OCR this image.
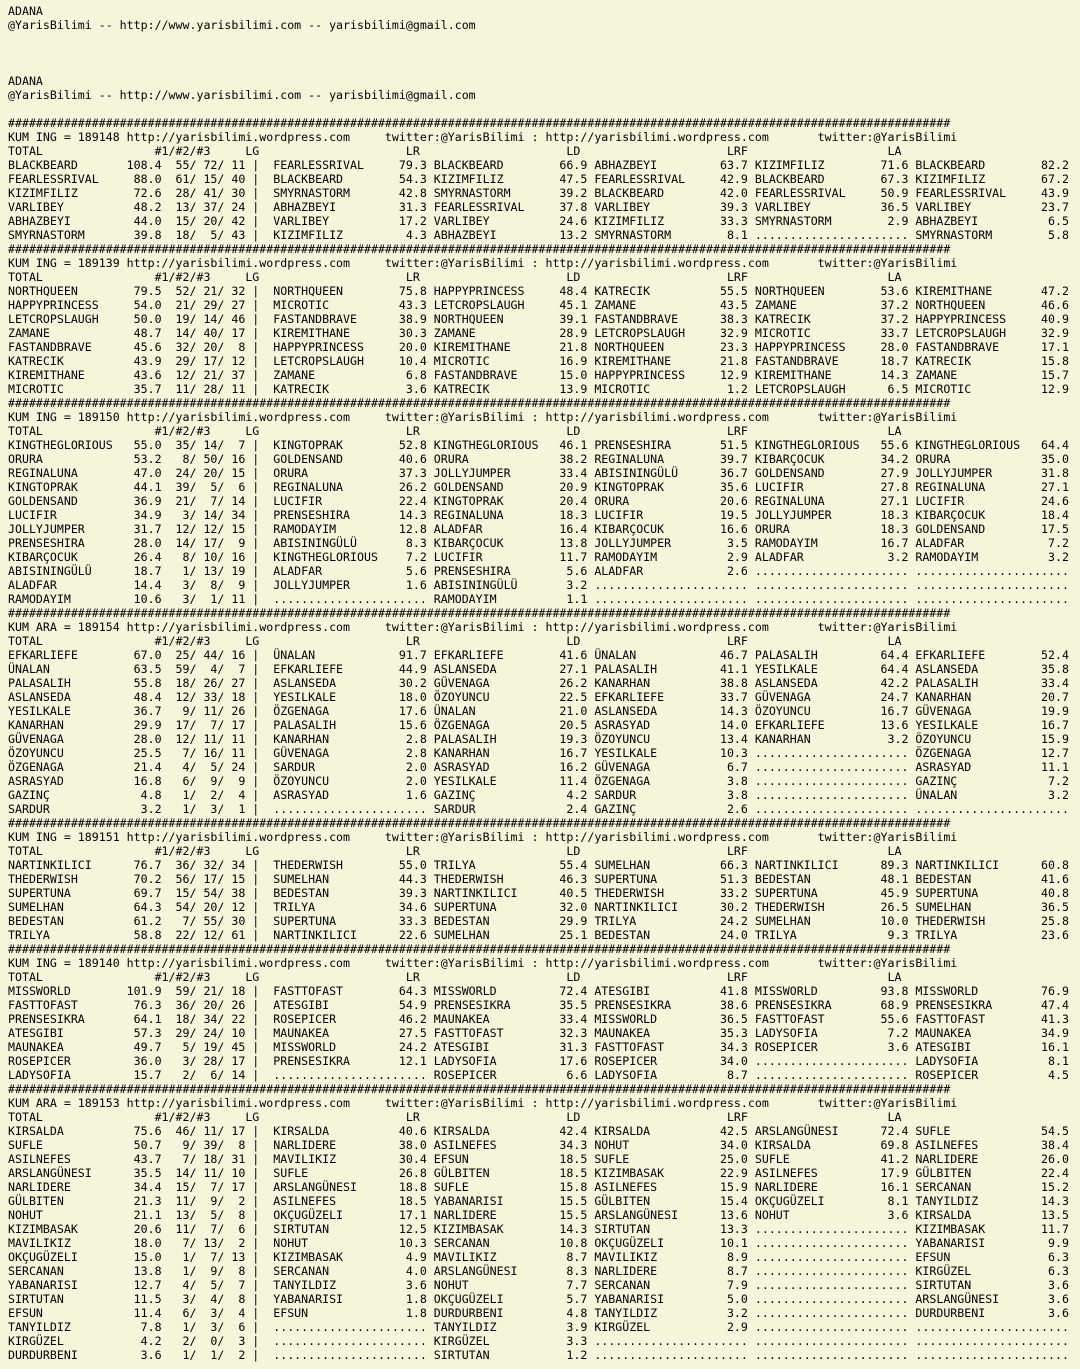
ADANA
@YarisBilimi -- http://www.yarisbilimi.com -- yarisbilimi@gmail.com
ADANA
@YarisBilimi -- http://www.yarisbilimi.com -- yarisbilimi@gmail.com
#######################################################################################################################################
KUM ING = 189148 http://yarisbilimi.wordpress.com     twitter:@YarisBilimi : http://yarisbilimi.wordpress.com       twitter:@YarisBilimi
TOTAL                #1/#2/#3     LG                     LR                     LD                     LRF                    LA
BLACKBEARD       108.4  55/ 72/ 11 |  FEARLESSRIVAL     79.3 BLACKBEARD        66.9 ABHAZBEYI         63.7 KIZIMFILIZ        71.6 BLACKBEARD        82.2
FEARLESSRIVAL     88.0  61/ 15/ 40 |  BLACKBEARD        54.3 KIZIMFILIZ        47.5 FEARLESSRIVAL     42.9 BLACKBEARD        67.3 KIZIMFILIZ        67.2
KIZIMFILIZ        72.6  28/ 41/ 30 |  SMYRNASTORM       42.8 SMYRNASTORM       39.2 BLACKBEARD        42.0 FEARLESSRIVAL     50.9 FEARLESSRIVAL     43.9
VARLIBEY          48.2  13/ 37/ 24 |  ABHAZBEYI         31.3 FEARLESSRIVAL     37.8 VARLIBEY          39.3 VARLIBEY          36.5 VARLIBEY          23.7
ABHAZBEYI         44.0  15/ 20/ 42 |  VARLIBEY          17.2 VARLIBEY          24.6 KIZIMFILIZ        33.3 SMYRNASTORM        2.9 ABHAZBEYI          6.5
SMYRNASTORM       39.8  18/  5/ 43 |  KIZIMFILIZ         4.3 ABHAZBEYI         13.2 SMYRNASTORM        8.1 ...................... SMYRNASTORM        5.8
#######################################################################################################################################
KUM ING = 189139 http://yarisbilimi.wordpress.com     twitter:@YarisBilimi : http://yarisbilimi.wordpress.com       twitter:@YarisBilimi
TOTAL                #1/#2/#3     LG                     LR                     LD                     LRF                    LA
NORTHQUEEN        79.5  52/ 21/ 32 |  NORTHQUEEN        75.8 HAPPYPRINCESS     48.4 KATRECIK          55.5 NORTHQUEEN        53.6 KIREMITHANE       47.2
HAPPYPRINCESS     54.0  21/ 29/ 27 |  MICROTIC          43.3 LETCROPSLAUGH     45.1 ZAMANE            43.5 ZAMANE            37.2 NORTHQUEEN        46.6
LETCROPSLAUGH     50.0  19/ 14/ 46 |  FASTANDBRAVE      38.9 NORTHQUEEN        39.1 FASTANDBRAVE      38.3 KATRECIK          37.2 HAPPYPRINCESS     40.9
ZAMANE            48.7  14/ 40/ 17 |  KIREMITHANE       30.3 ZAMANE            28.9 LETCROPSLAUGH     32.9 MICROTIC          33.7 LETCROPSLAUGH     32.9
FASTANDBRAVE      45.6  32/ 20/  8 |  HAPPYPRINCESS     20.0 KIREMITHANE       21.8 NORTHQUEEN        23.3 HAPPYPRINCESS     28.0 FASTANDBRAVE      17.1
KATRECIK          43.9  29/ 17/ 12 |  LETCROPSLAUGH     10.4 MICROTIC          16.9 KIREMITHANE       21.8 FASTANDBRAVE      18.7 KATRECIK          15.8
KIREMITHANE       43.6  12/ 21/ 37 |  ZAMANE             6.8 FASTANDBRAVE      15.0 HAPPYPRINCESS     12.9 KIREMITHANE       14.3 ZAMANE            15.7
MICROTIC          35.7  11/ 28/ 11 |  KATRECIK           3.6 KATRECIK          13.9 MICROTIC           1.2 LETCROPSLAUGH      6.5 MICROTIC          12.9
#######################################################################################################################################
KUM ING = 189150 http://yarisbilimi.wordpress.com     twitter:@YarisBilimi : http://yarisbilimi.wordpress.com       twitter:@YarisBilimi
TOTAL                #1/#2/#3     LG                     LR                     LD                     LRF                    LA
KINGTHEGLORIOUS   55.0  35/ 14/  7 |  KINGTOPRAK        52.8 KINGTHEGLORIOUS   46.1 PRENSESHIRA       51.5 KINGTHEGLORIOUS   55.6 KINGTHEGLORIOUS   64.4
ORURA             53.2   8/ 50/ 16 |  GOLDENSAND        40.6 ORURA             38.2 REGINALUNA        39.7 KIBARÇOCUK        34.2 ORURA             35.0
REGINALUNA        47.0  24/ 20/ 15 |  ORURA             37.3 JOLLYJUMPER       33.4 ABISININGÜLÜ      36.7 GOLDENSAND        27.9 JOLLYJUMPER       31.8
KINGTOPRAK        44.1  39/  5/  6 |  REGINALUNA        26.2 GOLDENSAND        20.9 KINGTOPRAK        35.6 LUCIFIR           27.8 REGINALUNA        27.1
GOLDENSAND        36.9  21/  7/ 14 |  LUCIFIR           22.4 KINGTOPRAK        20.4 ORURA             20.6 REGINALUNA        27.1 LUCIFIR           24.6
LUCIFIR           34.9   3/ 14/ 34 |  PRENSESHIRA       14.3 REGINALUNA        18.3 LUCIFIR           19.5 JOLLYJUMPER       18.3 KIBARÇOCUK        18.4
JOLLYJUMPER       31.7  12/ 12/ 15 |  RAMODAYIM         12.8 ALADFAR           16.4 KIBARÇOCUK        16.6 ORURA             18.3 GOLDENSAND        17.5
PRENSESHIRA       28.0  14/ 17/  9 |  ABISININGÜLÜ       8.3 KIBARÇOCUK        13.8 JOLLYJUMPER        3.5 RAMODAYIM         16.7 ALADFAR            7.2
KIBARÇOCUK        26.4   8/ 10/ 16 |  KINGTHEGLORIOUS    7.2 LUCIFIR           11.7 RAMODAYIM          2.9 ALADFAR            3.2 RAMODAYIM          3.2
ABISININGÜLÜ      18.7   1/ 13/ 19 |  ALADFAR            5.6 PRENSESHIRA        5.6 ALADFAR            2.6 ...................... ......................
ALADFAR           14.4   3/  8/  9 |  JOLLYJUMPER        1.6 ABISININGÜLÜ       3.2 ...................... ...................... ......................
RAMODAYIM         10.6   3/  1/ 11 |  ...................... RAMODAYIM          1.1 ...................... ...................... ......................
#######################################################################################################################################
KUM ARA = 189154 http://yarisbilimi.wordpress.com     twitter:@YarisBilimi : http://yarisbilimi.wordpress.com       twitter:@YarisBilimi
TOTAL                #1/#2/#3     LG                     LR                     LD                     LRF                    LA
EFKARLIEFE        67.0  25/ 44/ 16 |  ÜNALAN            91.7 EFKARLIEFE        41.6 ÜNALAN            46.7 PALASALIH         64.4 EFKARLIEFE        52.4
ÜNALAN            63.5  59/  4/  7 |  EFKARLIEFE        44.9 ASLANSEDA         27.1 PALASALIH         41.1 YESILKALE         64.4 ASLANSEDA         35.8
PALASALIH         55.8  18/ 26/ 27 |  ASLANSEDA         30.2 GÜVENAGA          26.2 KANARHAN          38.8 ASLANSEDA         42.2 PALASALIH         33.4
ASLANSEDA         48.4  12/ 33/ 18 |  YESILKALE         18.0 ÖZOYUNCU          22.5 EFKARLIEFE        33.7 GÜVENAGA          24.7 KANARHAN          20.7
YESILKALE         36.7   9/ 11/ 26 |  ÖZGENAGA          17.6 ÜNALAN            21.0 ASLANSEDA         14.3 ÖZOYUNCU          16.7 GÜVENAGA          19.9
KANARHAN          29.9  17/  7/ 17 |  PALASALIH         15.6 ÖZGENAGA          20.5 ASRASYAD          14.0 EFKARLIEFE        13.6 YESILKALE         16.7
GÜVENAGA          28.0  12/ 11/ 11 |  KANARHAN           2.8 PALASALIH         19.3 ÖZOYUNCU          13.4 KANARHAN           3.2 ÖZOYUNCU          15.9
ÖZOYUNCU          25.5   7/ 16/ 11 |  GÜVENAGA           2.8 KANARHAN          16.7 YESILKALE         10.3 ...................... ÖZGENAGA          12.7
ÖZGENAGA          21.4   4/  5/ 24 |  SARDUR             2.0 ASRASYAD          16.2 GÜVENAGA           6.7 ...................... ASRASYAD          11.1
ASRASYAD          16.8   6/  9/  9 |  ÖZOYUNCU           2.0 YESILKALE         11.4 ÖZGENAGA           3.8 ...................... GAZINÇ             7.2
GAZINÇ             4.8   1/  2/  4 |  ASRASYAD           1.6 GAZINÇ             4.2 SARDUR             3.8 ...................... ÜNALAN             3.2
SARDUR             3.2   1/  3/  1 |  ...................... SARDUR             2.4 GAZINÇ             2.6 ...................... ......................
#######################################################################################################################################
KUM ING = 189151 http://yarisbilimi.wordpress.com     twitter:@YarisBilimi : http://yarisbilimi.wordpress.com       twitter:@YarisBilimi
TOTAL                #1/#2/#3     LG                     LR                     LD                     LRF                    LA
NARTINKILICI      76.7  36/ 32/ 34 |  THEDERWISH        55.0 TRILYA            55.4 SUMELHAN          66.3 NARTINKILICI      89.3 NARTINKILICI      60.8
THEDERWISH        70.2  56/ 17/ 15 |  SUMELHAN          44.3 THEDERWISH        46.3 SUPERTUNA         51.3 BEDESTAN          48.1 BEDESTAN          41.6
SUPERTUNA         69.7  15/ 54/ 38 |  BEDESTAN          39.3 NARTINKILICI      40.5 THEDERWISH        33.2 SUPERTUNA         45.9 SUPERTUNA         40.8
SUMELHAN          64.3  54/ 20/ 12 |  TRILYA            34.6 SUPERTUNA         32.0 NARTINKILICI      30.2 THEDERWISH        26.5 SUMELHAN          36.5
BEDESTAN          61.2   7/ 55/ 30 |  SUPERTUNA         33.3 BEDESTAN          29.9 TRILYA            24.2 SUMELHAN          10.0 THEDERWISH        25.8
TRILYA            58.8  22/ 12/ 61 |  NARTINKILICI      22.6 SUMELHAN          25.1 BEDESTAN          24.0 TRILYA             9.3 TRILYA            23.6
#######################################################################################################################################
KUM ING = 189140 http://yarisbilimi.wordpress.com     twitter:@YarisBilimi : http://yarisbilimi.wordpress.com       twitter:@YarisBilimi
TOTAL                #1/#2/#3     LG                     LR                     LD                     LRF                    LA
MISSWORLD        101.9  59/ 21/ 18 |  FASTTOFAST        64.3 MISSWORLD         72.4 ATESGIBI          41.8 MISSWORLD         93.8 MISSWORLD         76.9
FASTTOFAST        76.3  36/ 20/ 26 |  ATESGIBI          54.9 PRENSESIKRA       35.5 PRENSESIKRA       38.6 PRENSESIKRA       68.9 PRENSESIKRA       47.4
PRENSESIKRA       64.1  18/ 34/ 22 |  ROSEPICER         46.2 MAUNAKEA          33.4 MISSWORLD         36.5 FASTTOFAST        55.6 FASTTOFAST        41.3
ATESGIBI          57.3  29/ 24/ 10 |  MAUNAKEA          27.5 FASTTOFAST        32.3 MAUNAKEA          35.3 LADYSOFIA          7.2 MAUNAKEA          34.9
MAUNAKEA          49.7   5/ 19/ 45 |  MISSWORLD         24.2 ATESGIBI          31.3 FASTTOFAST        34.3 ROSEPICER          3.6 ATESGIBI          16.1
ROSEPICER         36.0   3/ 28/ 17 |  PRENSESIKRA       12.1 LADYSOFIA         17.6 ROSEPICER         34.0 ...................... LADYSOFIA          8.1
LADYSOFIA         15.7   2/  6/ 14 |  ...................... ROSEPICER          6.6 LADYSOFIA          8.7 ...................... ROSEPICER          4.5
#######################################################################################################################################
KUM ARA = 189153 http://yarisbilimi.wordpress.com     twitter:@YarisBilimi : http://yarisbilimi.wordpress.com       twitter:@YarisBilimi
TOTAL                #1/#2/#3     LG                     LR                     LD                     LRF                    LA
KIRSALDA          75.6  46/ 11/ 17 |  KIRSALDA          40.6 KIRSALDA          42.4 KIRSALDA          42.5 ARSLANGÜNESI      72.4 SUFLE             54.5
SUFLE             50.7   9/ 39/  8 |  NARLIDERE         38.0 ASILNEFES         34.3 NOHUT             34.0 KIRSALDA          69.8 ASILNEFES         38.4
ASILNEFES         43.7   7/ 18/ 31 |  MAVILIKIZ         30.4 EFSUN             18.5 SUFLE             25.0 SUFLE             41.2 NARLIDERE         26.0
ARSLANGÜNESI      35.5  14/ 11/ 10 |  SUFLE             26.8 GÜLBITEN          18.5 KIZIMBASAK        22.9 ASILNEFES         17.9 GÜLBITEN          22.4
NARLIDERE         34.4  15/  7/ 17 |  ARSLANGÜNESI      18.8 SUFLE             15.8 ASILNEFES         15.9 NARLIDERE         16.1 SERCANAN          15.2
GÜLBITEN          21.3  11/  9/  2 |  ASILNEFES         18.5 YABANARISI        15.5 GÜLBITEN          15.4 OKÇUGÜZELI         8.1 TANYILDIZ         14.3
NOHUT             21.1  13/  5/  8 |  OKÇUGÜZELI        17.1 NARLIDERE         15.5 ARSLANGÜNESI      13.6 NOHUT              3.6 KIRSALDA          13.5
KIZIMBASAK        20.6  11/  7/  6 |  SIRTUTAN          12.5 KIZIMBASAK        14.3 SIRTUTAN          13.3 ...................... KIZIMBASAK        11.7
MAVILIKIZ         18.0   7/ 13/  2 |  NOHUT             10.3 SERCANAN          10.8 OKÇUGÜZELI        10.1 ...................... YABANARISI         9.9
OKÇUGÜZELI        15.0   1/  7/ 13 |  KIZIMBASAK         4.9 MAVILIKIZ          8.7 MAVILIKIZ          8.9 ...................... EFSUN              6.3
SERCANAN          13.8   1/  9/  8 |  SERCANAN           4.0 ARSLANGÜNESI       8.3 NARLIDERE          8.7 ...................... KIRGÜZEL           6.3
YABANARISI        12.7   4/  5/  7 |  TANYILDIZ          3.6 NOHUT              7.7 SERCANAN           7.9 ...................... SIRTUTAN           3.6
SIRTUTAN          11.5   3/  4/  8 |  YABANARISI         1.8 OKÇUGÜZELI         5.7 YABANARISI         5.0 ...................... ARSLANGÜNESI       3.6
EFSUN             11.4   6/  3/  4 |  EFSUN              1.8 DURDURBENI         4.8 TANYILDIZ          3.2 ...................... DURDURBENI         3.6
TANYILDIZ          7.8   1/  3/  6 |  ...................... TANYILDIZ          3.9 KIRGÜZEL           2.9 ...................... ......................
KIRGÜZEL           4.2   2/  0/  3 |  ...................... KIRGÜZEL           3.3 ...................... ...................... ......................
DURDURBENI         3.6   1/  1/  2 |  ...................... SIRTUTAN           1.2 ...................... ...................... ......................
